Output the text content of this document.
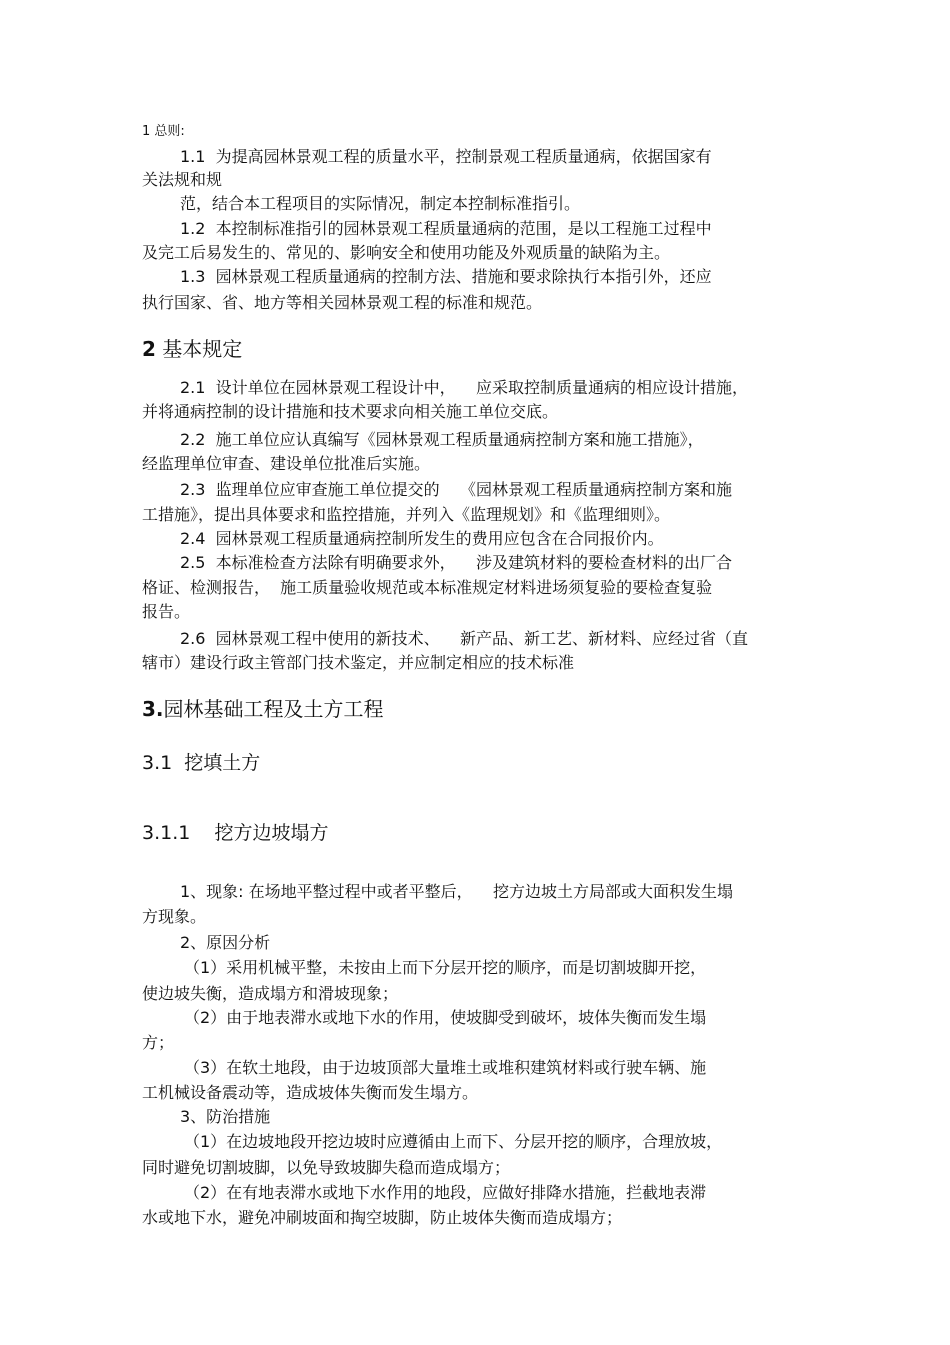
1 总则:
1.1  为提高园林景观工程的质量水平，控制景观工程质量通病，依据国家有
关法规和规
范，结合本工程项目的实际情况，制定本控制标准指引。
1.2  本控制标准指引的园林景观工程质量通病的范围，是以工程施工过程中
及完工后易发生的、常见的、影响安全和使用功能及外观质量的缺陷为主。
1.3  园林景观工程质量通病的控制方法、措施和要求除执行本指引外，还应
执行国家、省、地方等相关园林景观工程的标准和规范。
2 基本规定
2.1  设计单位在园林景观工程设计中，    应采取控制质量通病的相应设计措施，
并将通病控制的设计措施和技术要求向相关施工单位交底。
2.2  施工单位应认真编写《园林景观工程质量通病控制方案和施工措施》，
经监理单位审查、建设单位批准后实施。
2.3  监理单位应审查施工单位提交的    《园林景观工程质量通病控制方案和施
工措施》，提出具体要求和监控措施，并列入《监理规划》和《监理细则》。
2.4  园林景观工程质量通病控制所发生的费用应包含在合同报价内。
2.5  本标准检查方法除有明确要求外，    涉及建筑材料的要检查材料的出厂合
格证、检测报告，  施工质量验收规范或本标准规定材料进场须复验的要检查复验
报告。
2.6  园林景观工程中使用的新技术、    新产品、新工艺、新材料、应经过省（直
辖市）建设行政主管部门技术鉴定，并应制定相应的技术标准
3.园林基础工程及土方工程
3.1  挖填土方
3.1.1    挖方边坡塌方
1、现象: 在场地平整过程中或者平整后，    挖方边坡土方局部或大面积发生塌
方现象。
2、原因分析
（1）采用机械平整，未按由上而下分层开挖的顺序，而是切割坡脚开挖，
使边坡失衡，造成塌方和滑坡现象；
（2）由于地表滞水或地下水的作用，使坡脚受到破坏，坡体失衡而发生塌
方；
（3）在软土地段，由于边坡顶部大量堆土或堆积建筑材料或行驶车辆、施
工机械设备震动等，造成坡体失衡而发生塌方。
3、防治措施
（1）在边坡地段开挖边坡时应遵循由上而下、分层开挖的顺序，合理放坡，
同时避免切割坡脚，以免导致坡脚失稳而造成塌方；
（2）在有地表滞水或地下水作用的地段，应做好排降水措施，拦截地表滞
水或地下水，避免冲刷坡面和掏空坡脚，防止坡体失衡而造成塌方；
